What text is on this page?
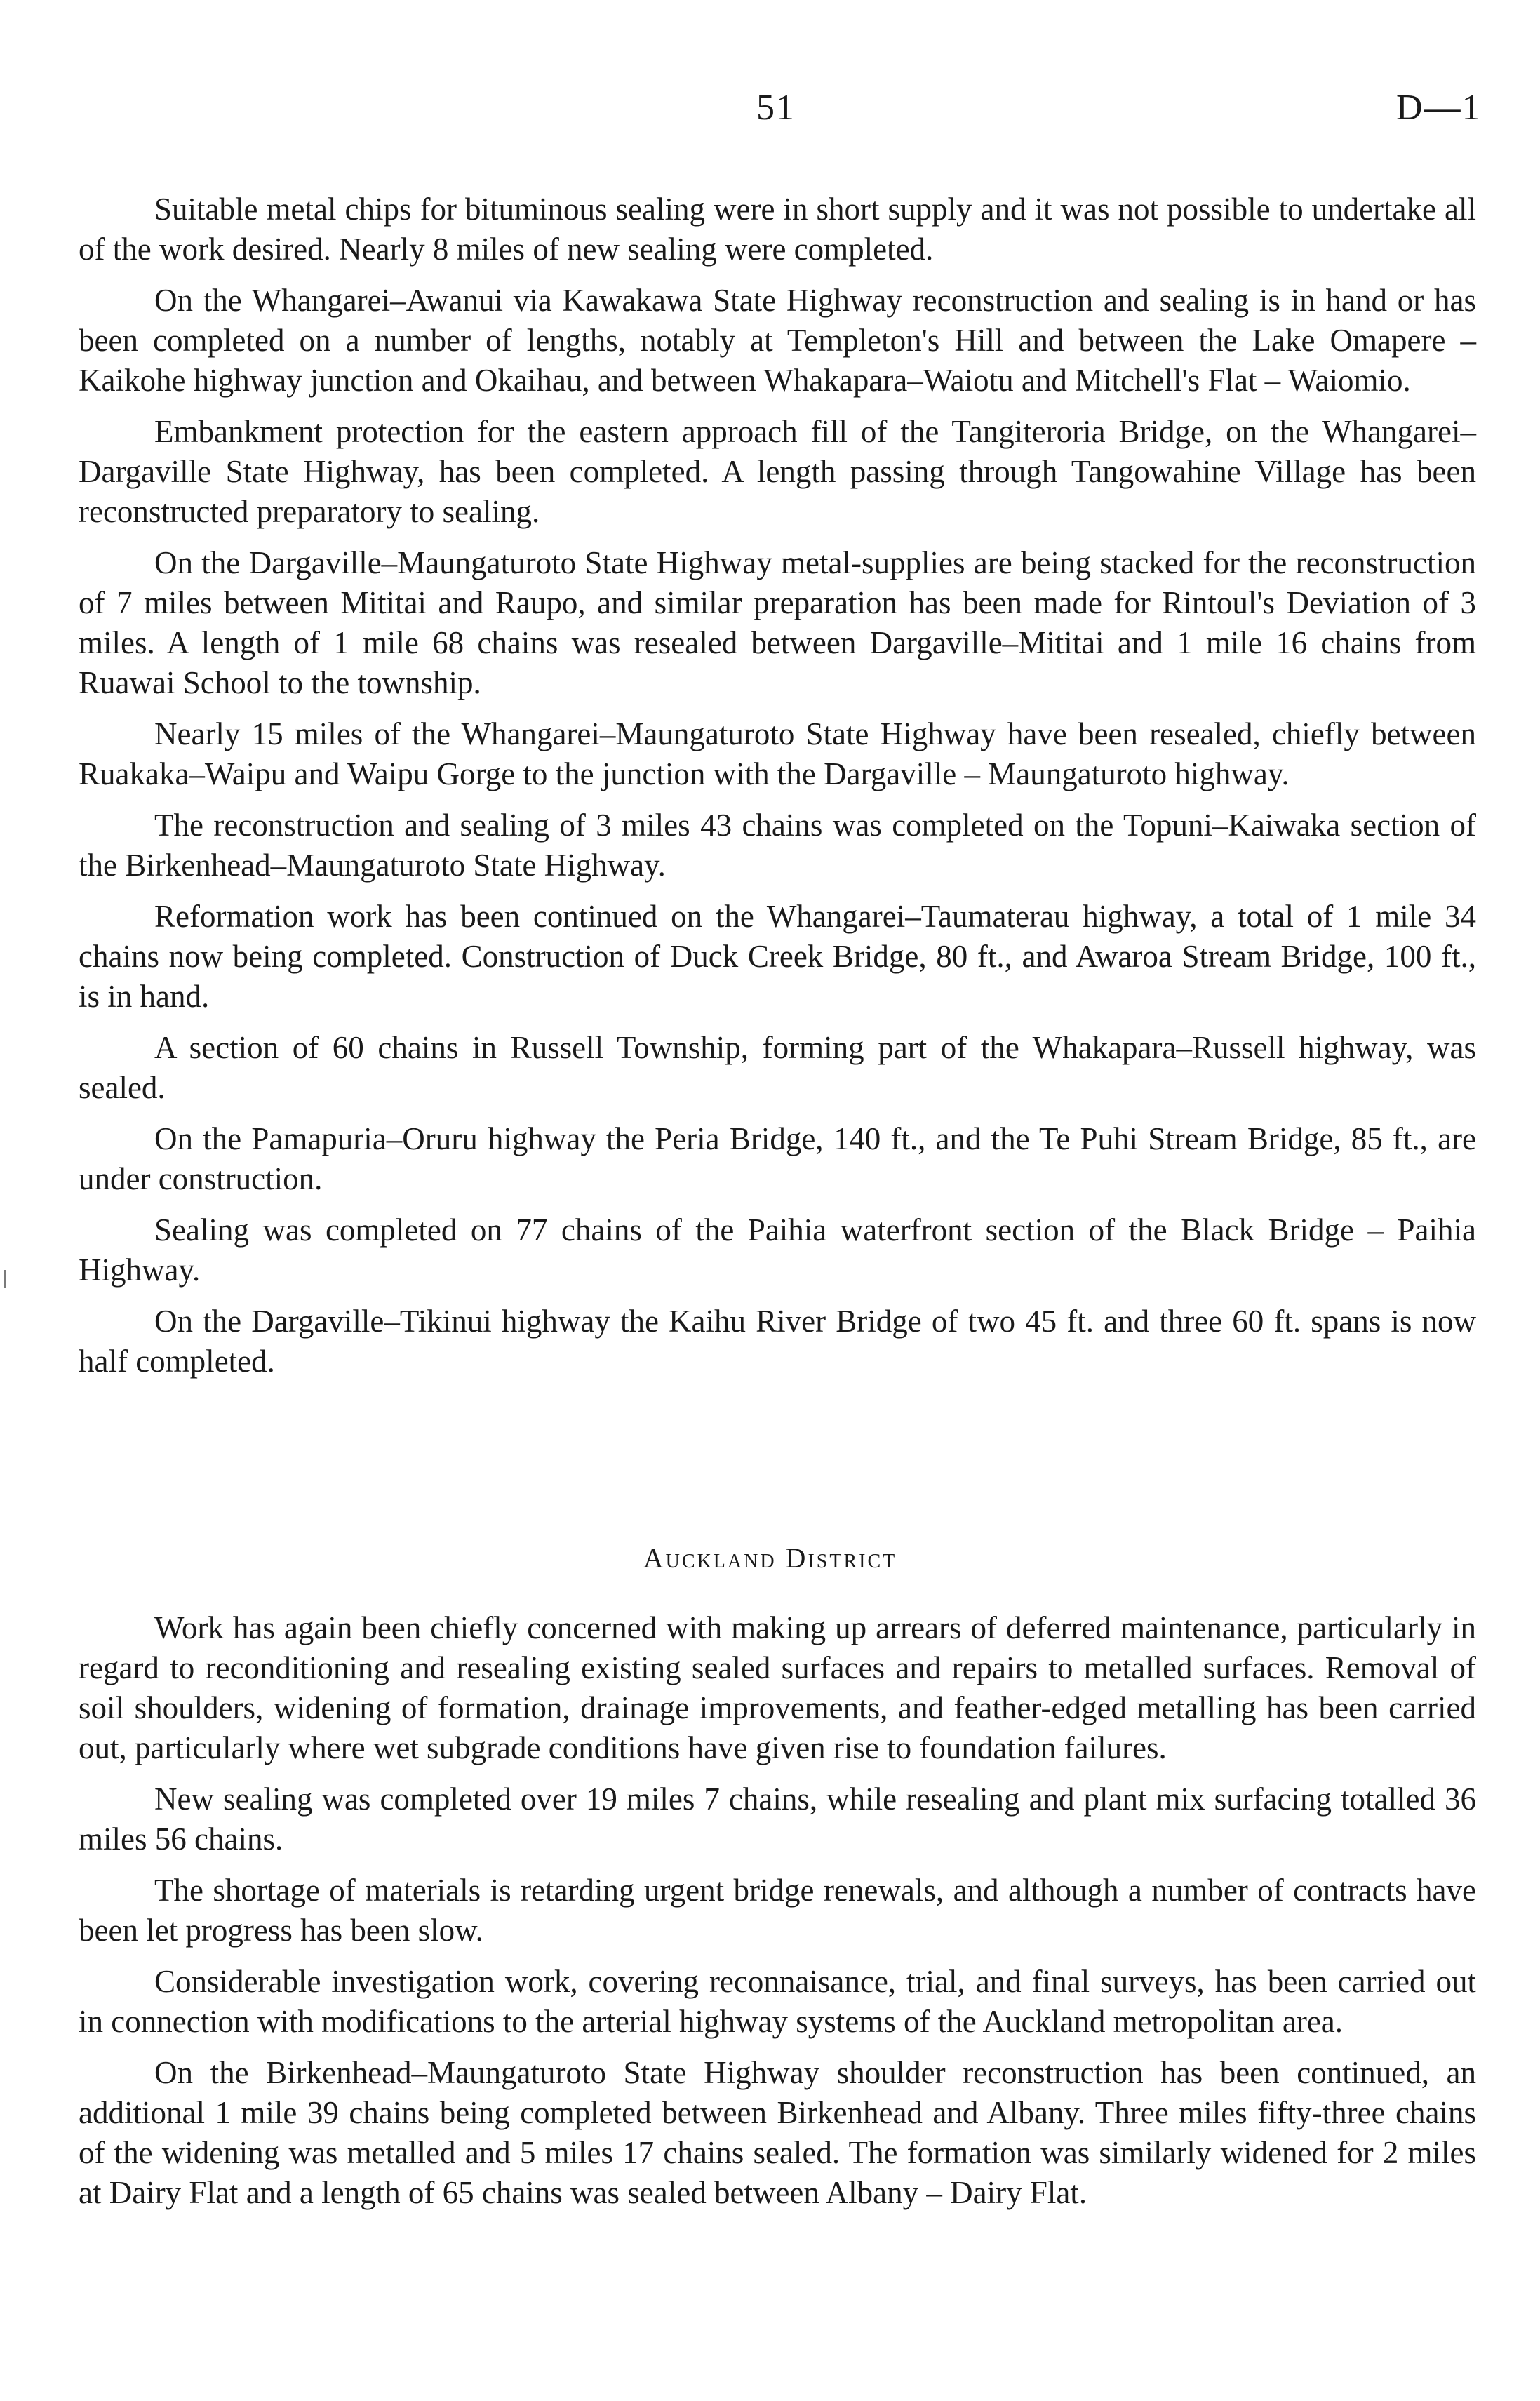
51	D—1

Suitable metal chips for bituminous sealing were in short supply and it was not possible to undertake all of the work desired. Nearly 8 miles of new sealing were completed.

On the Whangarei–Awanui via Kawakawa State Highway reconstruction and sealing is in hand or has been completed on a number of lengths, notably at Templeton's Hill and between the Lake Omapere – Kaikohe highway junction and Okaihau, and between Whakapara–Waiotu and Mitchell's Flat – Waiomio.

Embankment protection for the eastern approach fill of the Tangiteroria Bridge, on the Whangarei–Dargaville State Highway, has been completed. A length passing through Tangowahine Village has been reconstructed preparatory to sealing.

On the Dargaville–Maungaturoto State Highway metal-supplies are being stacked for the reconstruction of 7 miles between Mititai and Raupo, and similar preparation has been made for Rintoul's Deviation of 3 miles. A length of 1 mile 68 chains was resealed between Dargaville–Mititai and 1 mile 16 chains from Ruawai School to the township.

Nearly 15 miles of the Whangarei–Maungaturoto State Highway have been resealed, chiefly between Ruakaka–Waipu and Waipu Gorge to the junction with the Dargaville – Maungaturoto highway.

The reconstruction and sealing of 3 miles 43 chains was completed on the Topuni–Kaiwaka section of the Birkenhead–Maungaturoto State Highway.

Reformation work has been continued on the Whangarei–Taumaterau highway, a total of 1 mile 34 chains now being completed. Construction of Duck Creek Bridge, 80 ft., and Awaroa Stream Bridge, 100 ft., is in hand.

A section of 60 chains in Russell Township, forming part of the Whakapara–Russell highway, was sealed.

On the Pamapuria–Oruru highway the Peria Bridge, 140 ft., and the Te Puhi Stream Bridge, 85 ft., are under construction.

Sealing was completed on 77 chains of the Paihia waterfront section of the Black Bridge – Paihia Highway.

On the Dargaville–Tikinui highway the Kaihu River Bridge of two 45 ft. and three 60 ft. spans is now half completed.

Auckland District

Work has again been chiefly concerned with making up arrears of deferred maintenance, particularly in regard to reconditioning and resealing existing sealed surfaces and repairs to metalled surfaces. Removal of soil shoulders, widening of formation, drainage improvements, and feather-edged metalling has been carried out, particularly where wet subgrade conditions have given rise to foundation failures.

New sealing was completed over 19 miles 7 chains, while resealing and plant mix surfacing totalled 36 miles 56 chains.

The shortage of materials is retarding urgent bridge renewals, and although a number of contracts have been let progress has been slow.

Considerable investigation work, covering reconnaisance, trial, and final surveys, has been carried out in connection with modifications to the arterial highway systems of the Auckland metropolitan area.

On the Birkenhead–Maungaturoto State Highway shoulder reconstruction has been continued, an additional 1 mile 39 chains being completed between Birkenhead and Albany. Three miles fifty-three chains of the widening was metalled and 5 miles 17 chains sealed. The formation was similarly widened for 2 miles at Dairy Flat and a length of 65 chains was sealed between Albany – Dairy Flat.
